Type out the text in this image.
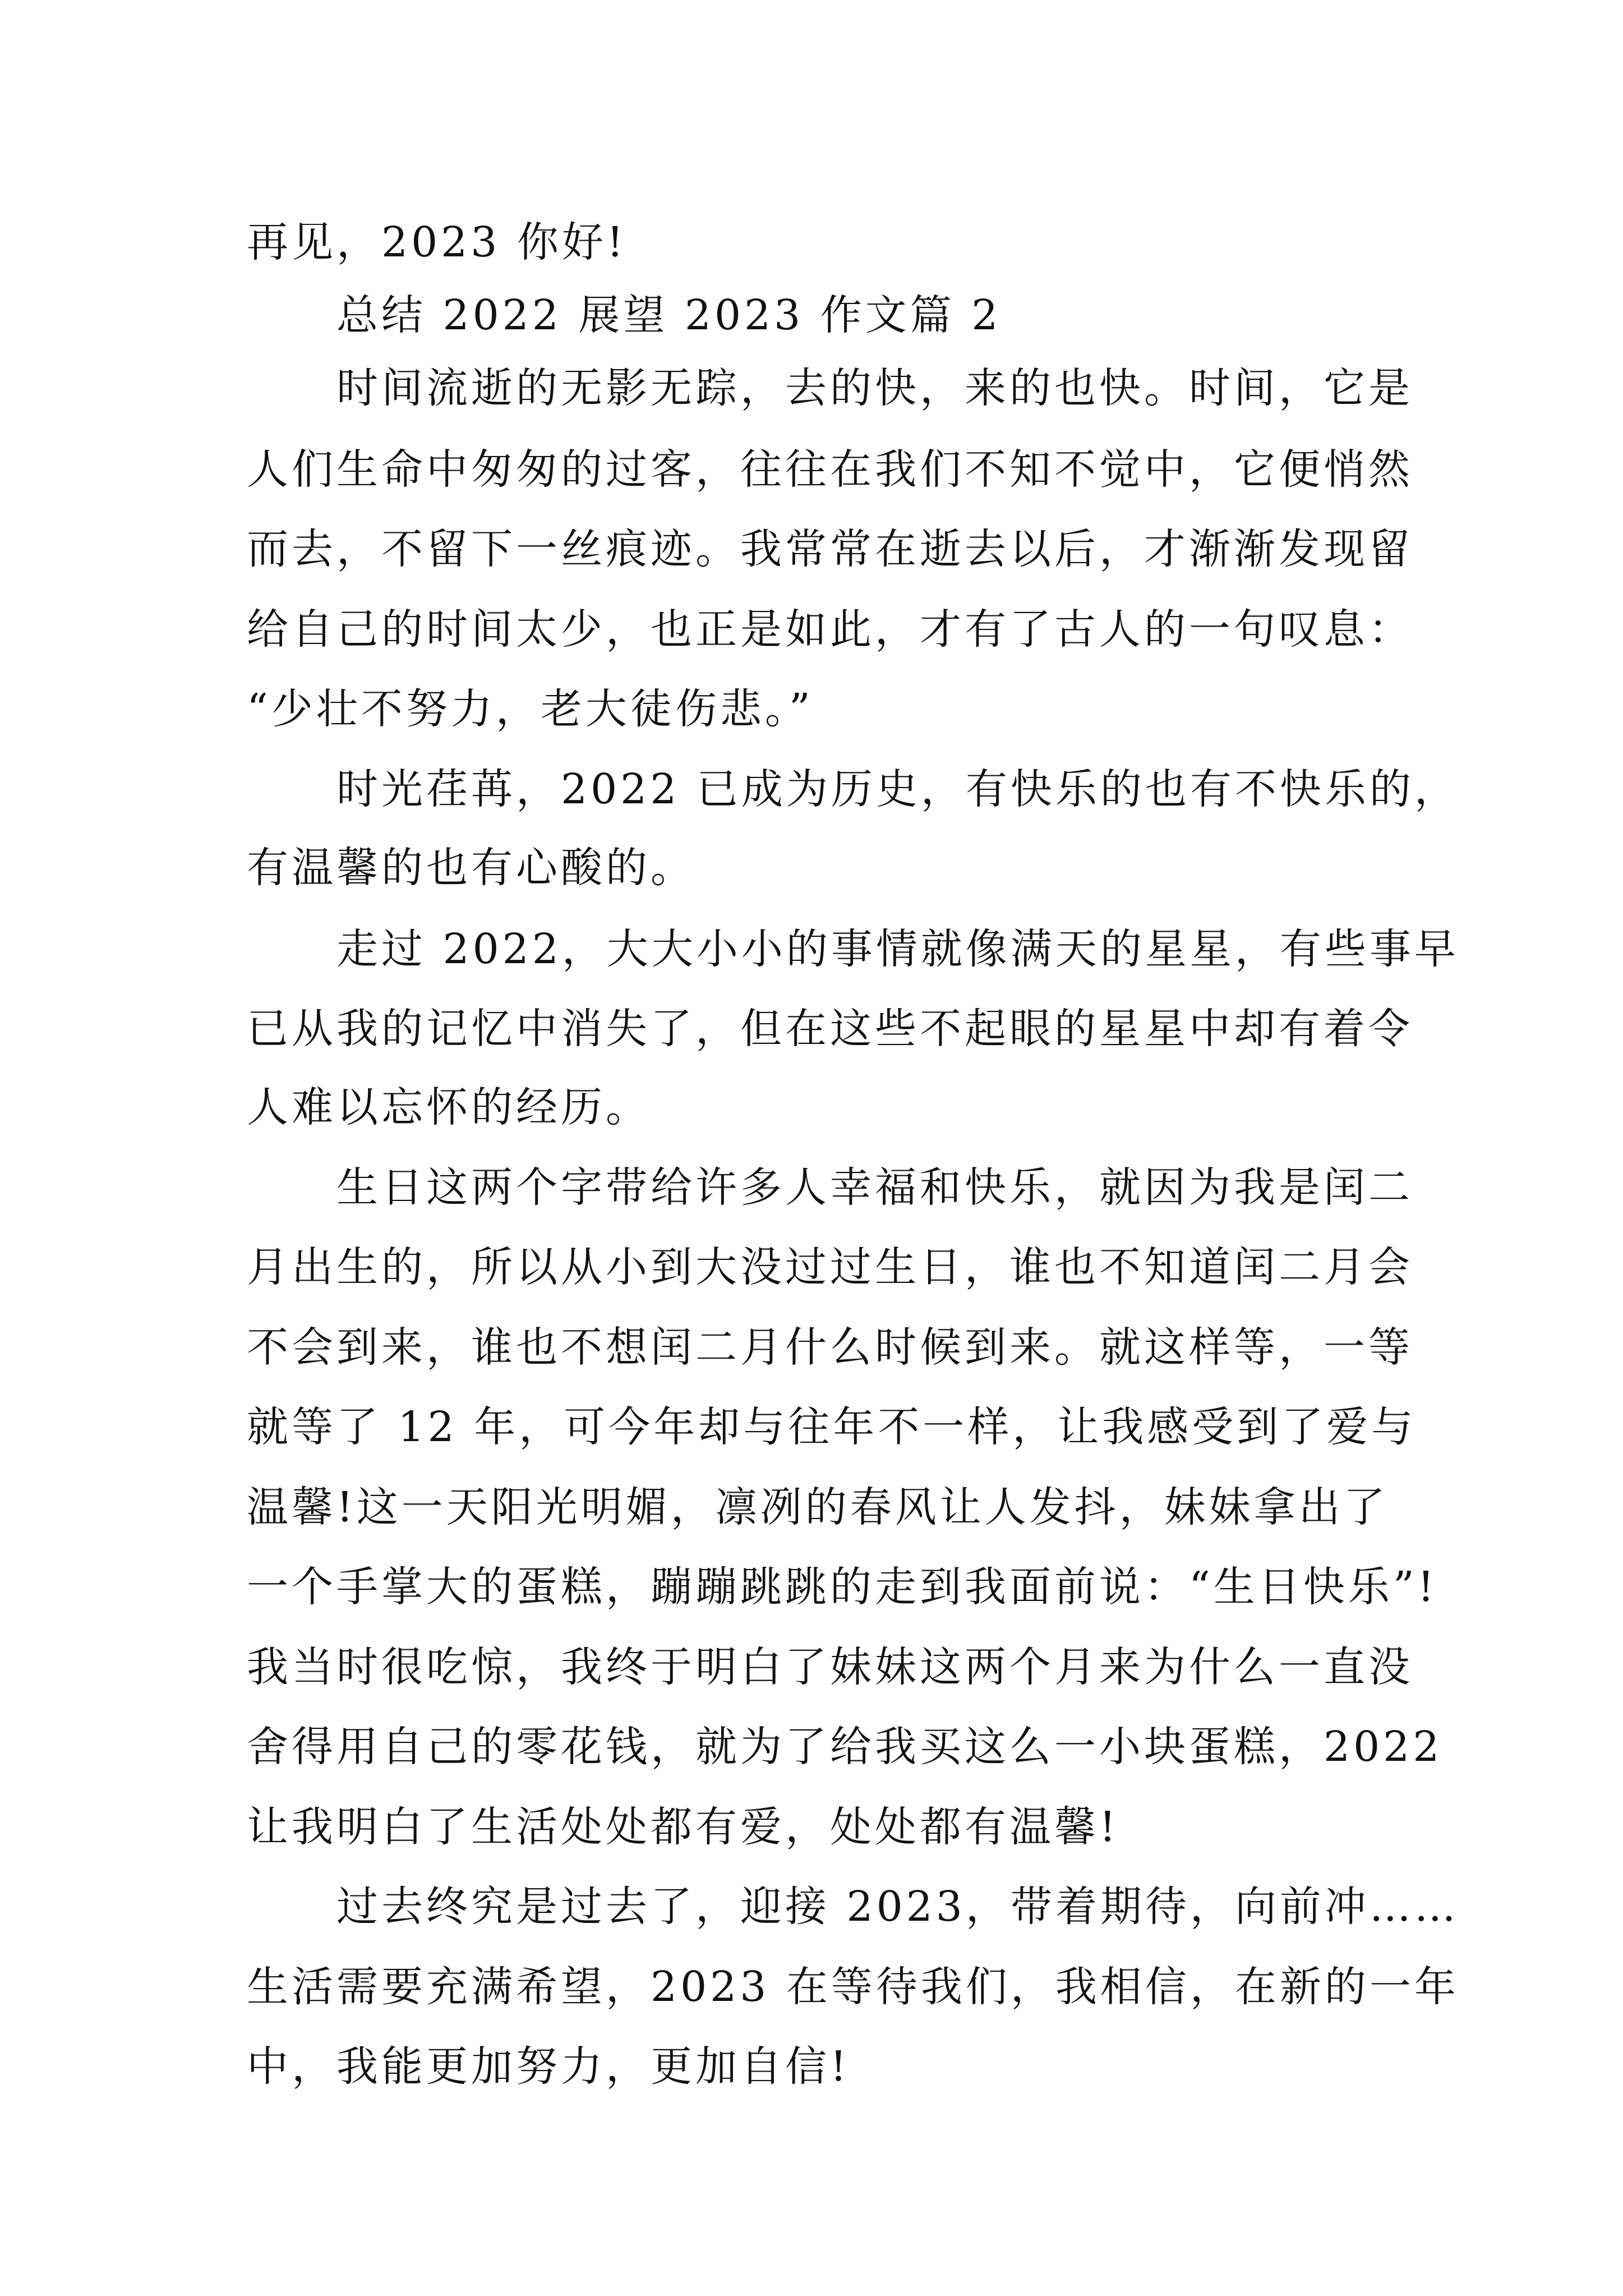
再见，2023 你好!
总结 2022 展望 2023 作文篇 2
时间流逝的无影无踪，去的快，来的也快。时间，它是
人们生命中匆匆的过客，往往在我们不知不觉中，它便悄然
而去，不留下一丝痕迹。我常常在逝去以后，才渐渐发现留
给自己的时间太少，也正是如此，才有了古人的一句叹息：
“少壮不努力，老大徒伤悲。”
时光荏苒，2022 已成为历史，有快乐的也有不快乐的，
有温馨的也有心酸的。
走过 2022，大大小小的事情就像满天的星星，有些事早
已从我的记忆中消失了，但在这些不起眼的星星中却有着令
人难以忘怀的经历。
生日这两个字带给许多人幸福和快乐，就因为我是闰二
月出生的，所以从小到大没过过生日，谁也不知道闰二月会
不会到来，谁也不想闰二月什么时候到来。就这样等，一等
就等了 12 年，可今年却与往年不一样，让我感受到了爱与
温馨!这一天阳光明媚，凛冽的春风让人发抖，妹妹拿出了
一个手掌大的蛋糕，蹦蹦跳跳的走到我面前说：“生日快乐”!
我当时很吃惊，我终于明白了妹妹这两个月来为什么一直没
舍得用自己的零花钱，就为了给我买这么一小块蛋糕，2022
让我明白了生活处处都有爱，处处都有温馨!
过去终究是过去了，迎接 2023，带着期待，向前冲……
生活需要充满希望，2023 在等待我们，我相信，在新的一年
中，我能更加努力，更加自信!
